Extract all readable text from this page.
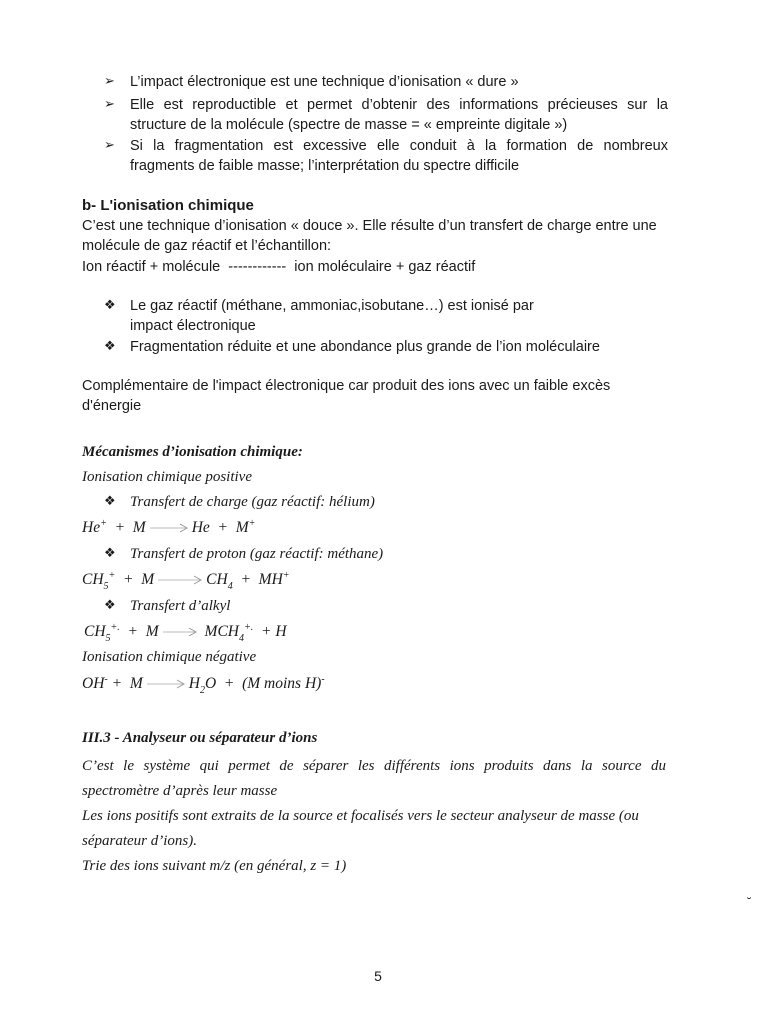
➢	L’impact électronique est une technique d’ionisation « dure »
➢	Elle est reproductible et permet d’obtenir des informations précieuses sur la structure de la molécule (spectre de masse = « empreinte digitale »)
➢	Si la fragmentation est excessive elle conduit à la formation de nombreux fragments de faible masse; l’interprétation du spectre difficile
b- L'ionisation chimique
C’est une technique d’ionisation « douce ». Elle résulte d’un transfert de charge entre une
molécule de gaz réactif et l’échantillon:
Ion réactif + molécule  ------------  ion moléculaire + gaz réactif
❖ Le gaz réactif (méthane, ammoniac,isobutane…) est ionisé par impact électronique
❖ Fragmentation réduite et une abondance plus grande de l’ion moléculaire
Complémentaire de l'impact électronique car produit des ions avec un faible excès d'énergie
Mécanismes d’ionisation chimique:
Ionisation chimique positive
❖ Transfert de charge (gaz réactif: hélium)
He+  +  M → He  +  M+
❖ Transfert de proton (gaz réactif: méthane)
$CH_5^+ + M \to CH_4 + MH^+$
❖ Transfert d’alkyl
$CH_5^{+.} + M \to MCH_4^{+.} + H$
Ionisation chimique négative
$OH^- + M \to H_2O + (M$ moins H)-
III.3 - Analyseur ou séparateur d’ions
C’est le système qui permet de séparer les différents ions produits dans la source du spectromètre d’après leur masse
Les ions positifs sont extraits de la source et focalisés vers le secteur analyseur de masse (ou séparateur d’ions).
Trie des ions suivant m/z (en général, z = 1)
˘
5
